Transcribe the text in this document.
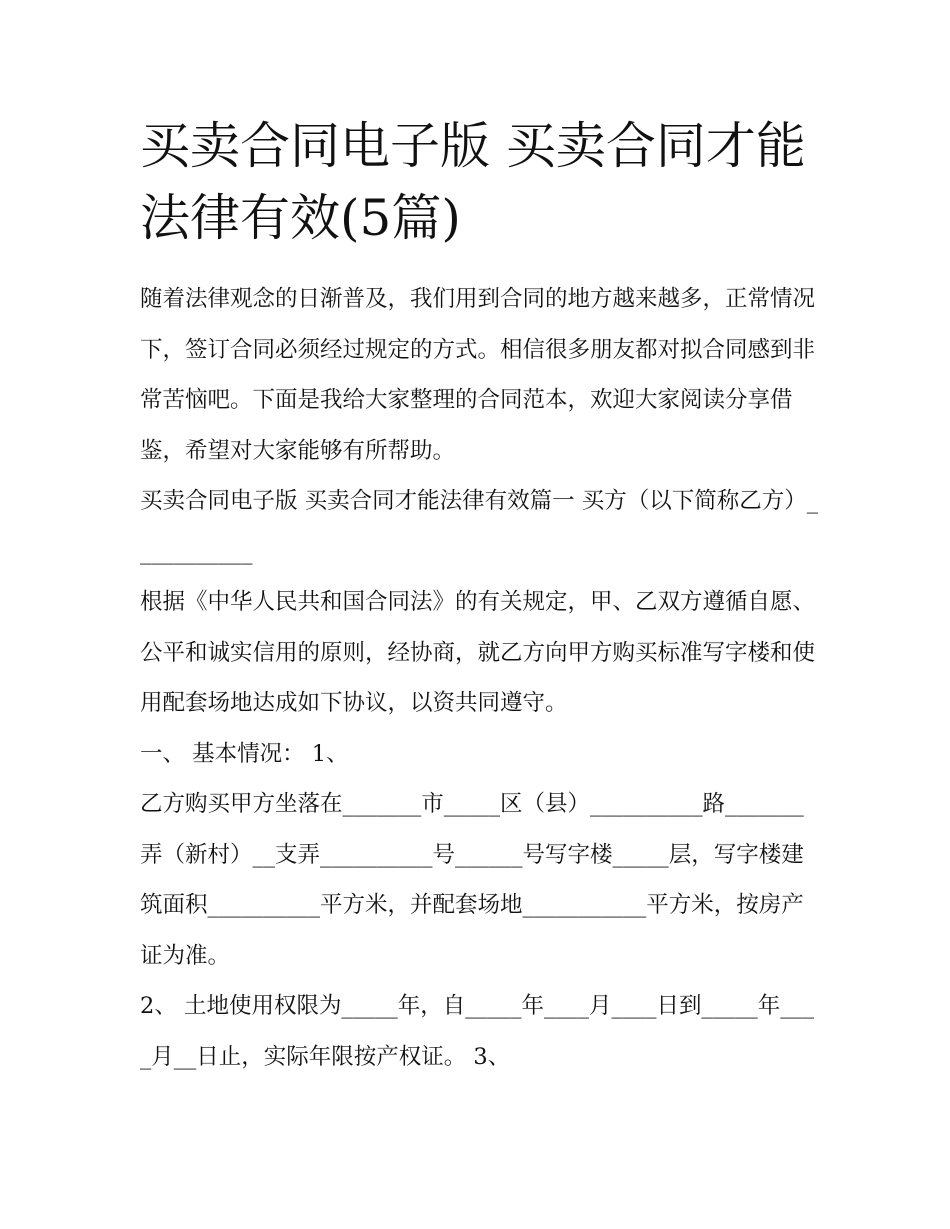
买卖合同电子版 买卖合同才能法律有效(5篇)

随着法律观念的日渐普及，我们用到合同的地方越来越多，正常情况下，签订合同必须经过规定的方式。相信很多朋友都对拟合同感到非常苦恼吧。下面是我给大家整理的合同范本，欢迎大家阅读分享借鉴，希望对大家能够有所帮助。

买卖合同电子版 买卖合同才能法律有效篇一 买方（以下简称乙方）___________

根据《中华人民共和国合同法》的有关规定，甲、乙双方遵循自愿、公平和诚实信用的原则，经协商，就乙方向甲方购买标准写字楼和使用配套场地达成如下协议，以资共同遵守。

一、 基本情况： 1、

乙方购买甲方坐落在_______市_____区（县）__________路_______弄（新村）__支弄__________号______号写字楼_____层，写字楼建筑面积__________平方米，并配套场地___________平方米，按房产证为准。

2、 土地使用权限为_____年，自_____年____月____日到_____年____月__日止，实际年限按产权证。 3、
